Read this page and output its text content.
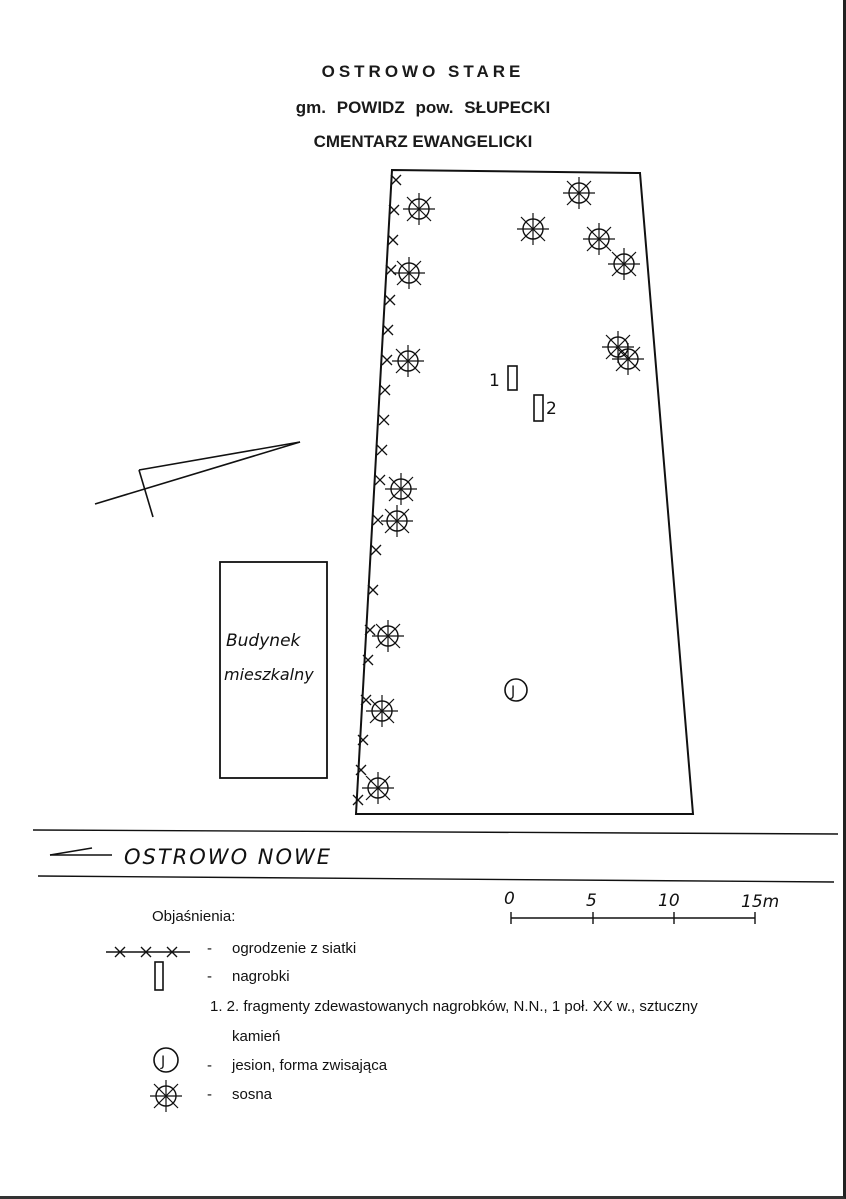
OSTROWO STARE
gm. POWIDZ pow. SŁUPECKI
CMENTARZ EWANGELICKI
1
2
J
Budynek
mieszkalny
OSTROWO NOWE
0	5	10	15m
J
Objaśnienia:
- ogrodzenie z siatki
- nagrobki
1. 2. fragmenty zdewastowanych nagrobków, N.N., 1 poł. XX w., sztuczny
kamień
- jesion, forma zwisająca
- sosna
